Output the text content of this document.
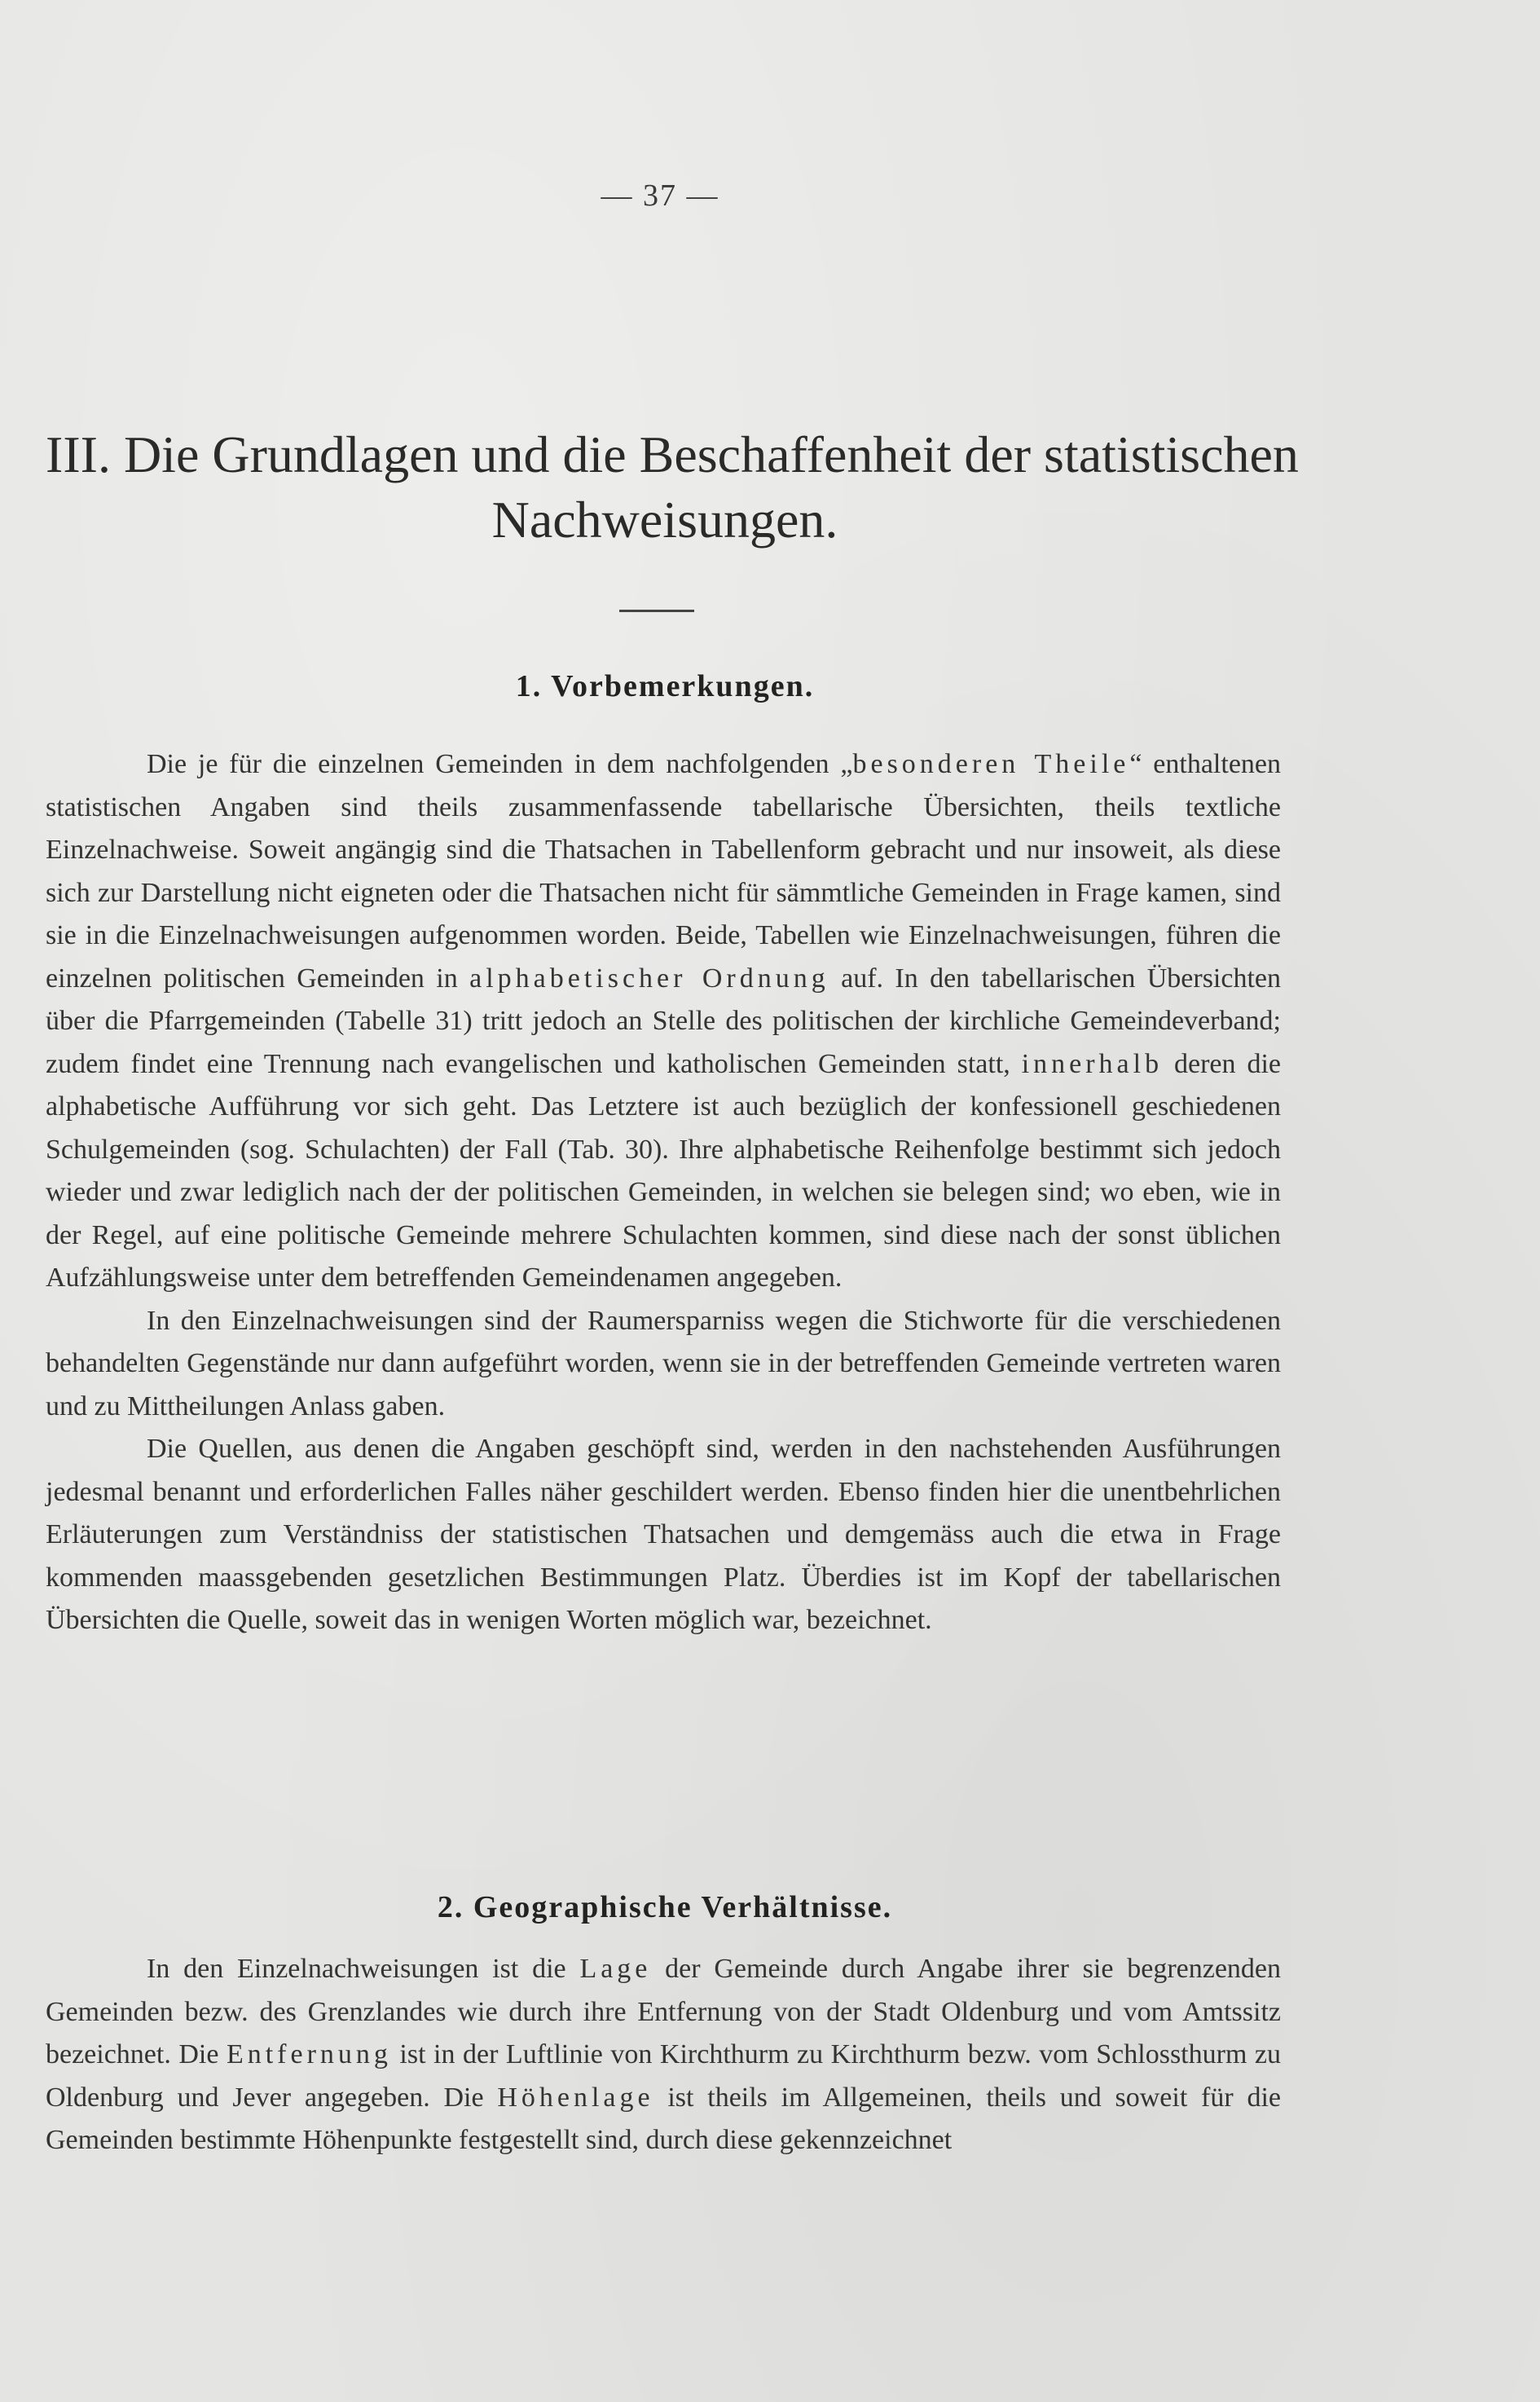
— 37 —
III. Die Grundlagen und die Beschaffenheit der statistischen
Nachweisungen.
1. Vorbemerkungen.

Die je für die einzelnen Gemeinden in dem nachfolgenden „besonderen Theile“ enthaltenen statistischen Angaben sind theils zusammenfassende tabellarische Übersichten, theils textliche Einzelnachweise. Soweit angängig sind die Thatsachen in Tabellenform gebracht und nur insoweit, als diese sich zur Darstellung nicht eigneten oder die Thatsachen nicht für sämmtliche Gemeinden in Frage kamen, sind sie in die Einzelnachweisungen aufgenommen worden. Beide, Tabellen wie Einzelnachweisungen, führen die einzelnen politischen Gemeinden in alphabetischer Ordnung auf. In den tabellarischen Übersichten über die Pfarrgemeinden (Tabelle 31) tritt jedoch an Stelle des politischen der kirchliche Gemeindeverband; zudem findet eine Trennung nach evangelischen und katholischen Gemeinden statt, innerhalb deren die alphabetische Aufführung vor sich geht. Das Letztere ist auch bezüglich der konfessionell geschiedenen Schulgemeinden (sog. Schulachten) der Fall (Tab. 30). Ihre alphabetische Reihenfolge bestimmt sich jedoch wieder und zwar lediglich nach der der politischen Gemeinden, in welchen sie belegen sind; wo eben, wie in der Regel, auf eine politische Gemeinde mehrere Schulachten kommen, sind diese nach der sonst üblichen Aufzählungsweise unter dem betreffenden Gemeindenamen angegeben.

In den Einzelnachweisungen sind der Raumersparniss wegen die Stichworte für die verschiedenen behandelten Gegenstände nur dann aufgeführt worden, wenn sie in der betreffenden Gemeinde vertreten waren und zu Mittheilungen Anlass gaben.

Die Quellen, aus denen die Angaben geschöpft sind, werden in den nachstehenden Ausführungen jedesmal benannt und erforderlichen Falles näher geschildert werden. Ebenso finden hier die unentbehrlichen Erläuterungen zum Verständniss der statistischen Thatsachen und demgemäss auch die etwa in Frage kommenden maassgebenden gesetzlichen Bestimmungen Platz. Überdies ist im Kopf der tabellarischen Übersichten die Quelle, soweit das in wenigen Worten möglich war, bezeichnet.

2. Geographische Verhältnisse.

In den Einzelnachweisungen ist die Lage der Gemeinde durch Angabe ihrer sie begrenzenden Gemeinden bezw. des Grenzlandes wie durch ihre Entfernung von der Stadt Oldenburg und vom Amtssitz bezeichnet. Die Entfernung ist in der Luftlinie von Kirchthurm zu Kirchthurm bezw. vom Schlossthurm zu Oldenburg und Jever angegeben. Die Höhenlage ist theils im Allgemeinen, theils und soweit für die Gemeinden bestimmte Höhenpunkte festgestellt sind, durch diese gekennzeichnet
